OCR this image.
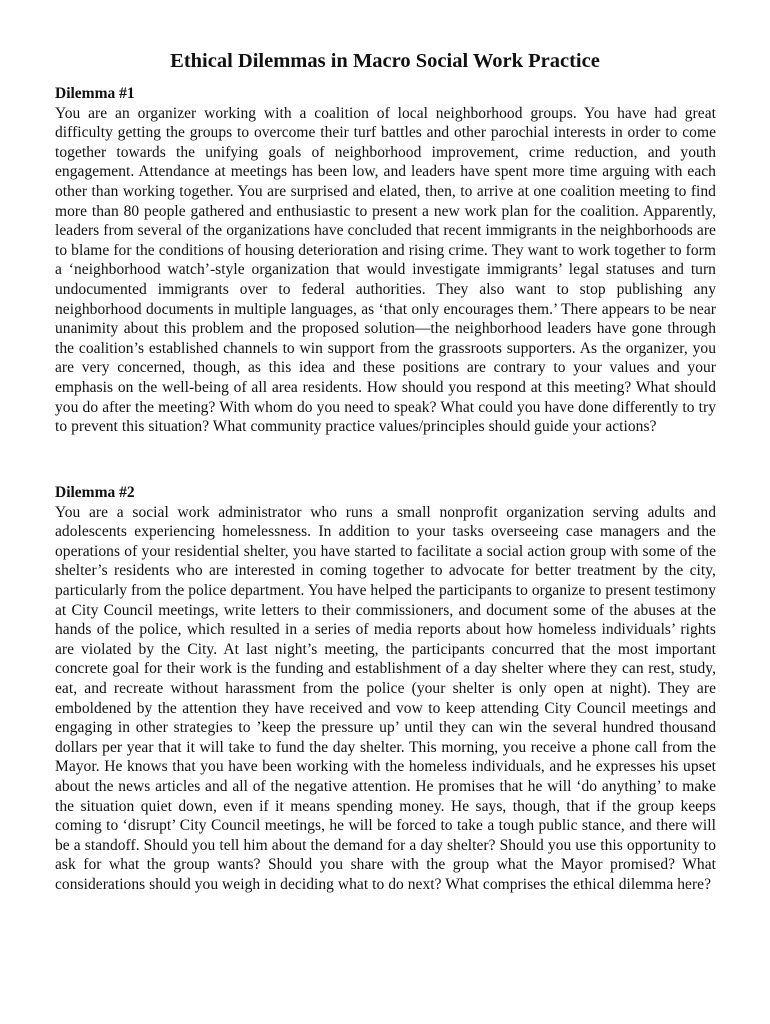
Ethical Dilemmas in Macro Social Work Practice

Dilemma #1

You are an organizer working with a coalition of local neighborhood groups. You have had great difficulty getting the groups to overcome their turf battles and other parochial interests in order to come together towards the unifying goals of neighborhood improvement, crime reduction, and youth engagement. Attendance at meetings has been low, and leaders have spent more time arguing with each other than working together. You are surprised and elated, then, to arrive at one coalition meeting to find more than 80 people gathered and enthusiastic to present a new work plan for the coalition. Apparently, leaders from several of the organizations have concluded that recent immigrants in the neighborhoods are to blame for the conditions of housing deterioration and rising crime. They want to work together to form a ‘neighborhood watch’-style organization that would investigate immigrants’ legal statuses and turn undocumented immigrants over to federal authorities. They also want to stop publishing any neighborhood documents in multiple languages, as ‘that only encourages them.’ There appears to be near unanimity about this problem and the proposed solution—the neighborhood leaders have gone through the coalition’s established channels to win support from the grassroots supporters. As the organizer, you are very concerned, though, as this idea and these positions are contrary to your values and your emphasis on the well-being of all area residents. How should you respond at this meeting? What should you do after the meeting? With whom do you need to speak? What could you have done differently to try to prevent this situation? What community practice values/principles should guide your actions?

Dilemma #2

You are a social work administrator who runs a small nonprofit organization serving adults and adolescents experiencing homelessness. In addition to your tasks overseeing case managers and the operations of your residential shelter, you have started to facilitate a social action group with some of the shelter’s residents who are interested in coming together to advocate for better treatment by the city, particularly from the police department. You have helped the participants to organize to present testimony at City Council meetings, write letters to their commissioners, and document some of the abuses at the hands of the police, which resulted in a series of media reports about how homeless individuals’ rights are violated by the City. At last night’s meeting, the participants concurred that the most important concrete goal for their work is the funding and establishment of a day shelter where they can rest, study, eat, and recreate without harassment from the police (your shelter is only open at night). They are emboldened by the attention they have received and vow to keep attending City Council meetings and engaging in other strategies to ’keep the pressure up’ until they can win the several hundred thousand dollars per year that it will take to fund the day shelter. This morning, you receive a phone call from the Mayor. He knows that you have been working with the homeless individuals, and he expresses his upset about the news articles and all of the negative attention. He promises that he will ‘do anything’ to make the situation quiet down, even if it means spending money. He says, though, that if the group keeps coming to ‘disrupt’ City Council meetings, he will be forced to take a tough public stance, and there will be a standoff. Should you tell him about the demand for a day shelter? Should you use this opportunity to ask for what the group wants? Should you share with the group what the Mayor promised? What considerations should you weigh in deciding what to do next? What comprises the ethical dilemma here?
